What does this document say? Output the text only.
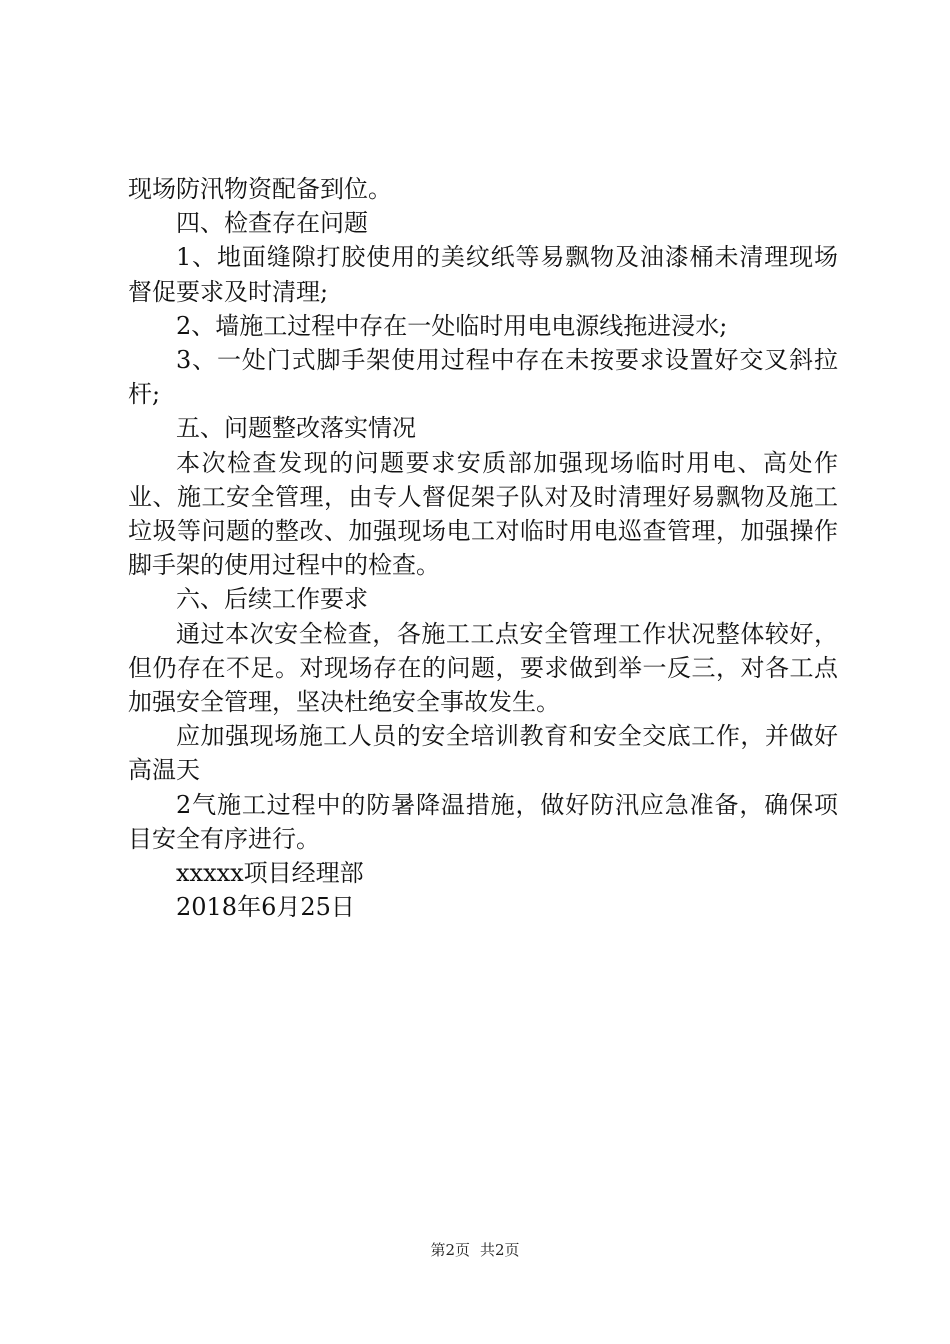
现场防汛物资配备到位。

四、检查存在问题

1、地面缝隙打胶使用的美纹纸等易飘物及油漆桶未清理现场督促要求及时清理;

2、墙施工过程中存在一处临时用电电源线拖进浸水;

3、一处门式脚手架使用过程中存在未按要求设置好交叉斜拉杆;

五、问题整改落实情况

本次检查发现的问题要求安质部加强现场临时用电、高处作业、施工安全管理，由专人督促架子队对及时清理好易飘物及施工垃圾等问题的整改、加强现场电工对临时用电巡查管理，加强操作脚手架的使用过程中的检查。

六、后续工作要求

通过本次安全检查，各施工工点安全管理工作状况整体较好，但仍存在不足。对现场存在的问题，要求做到举一反三，对各工点加强安全管理，坚决杜绝安全事故发生。

应加强现场施工人员的安全培训教育和安全交底工作，并做好高温天

2气施工过程中的防暑降温措施，做好防汛应急准备，确保项目安全有序进行。

xxxxx项目经理部

2018年6月25日

第2页 共2页
